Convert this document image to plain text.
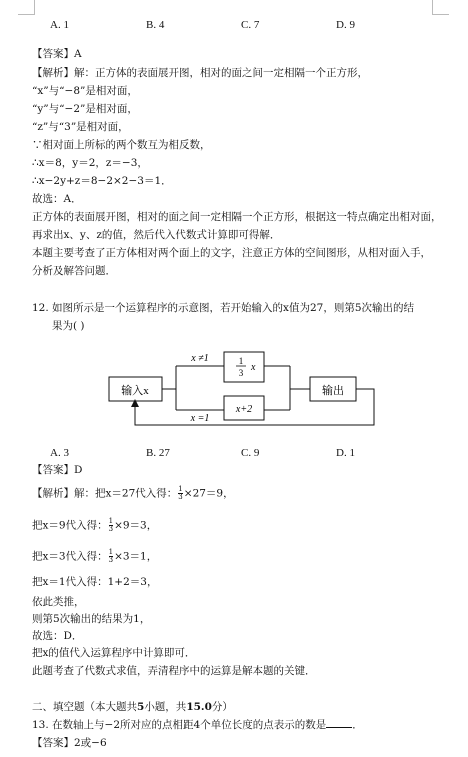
A. 1	B. 4	C. 7	D. 9
【答案】A
【解析】解：正方体的表面展开图，相对的面之间一定相隔一个正方形，
“x”与“−8”是相对面，
“y”与“−2”是相对面，
“z”与“3”是相对面，
∵相对面上所标的两个数互为相反数，
∴x＝8，y＝2，z＝−3，
∴x−2y+z＝8−2×2−3＝1．
故选：A．
正方体的表面展开图，相对的面之间一定相隔一个正方形，根据这一特点确定出相对面，
再求出x、y、z的值，然后代入代数式计算即可得解．
本题主要考查了正方体相对两个面上的文字，注意正方体的空间图形，从相对面入手，
分析及解答问题．
12. 如图所示是一个运算程序的示意图，若开始输入的x值为27，则第5次输出的结
果为( )
输入x	输出
x ≠1
x =1
1
3 x
x+2
A. 3	B. 27	C. 9	D. 1
【答案】D
【解析】解：把x＝27代入得： $\frac{1}{3} \times 27=9$，
把x＝9代入得： $\frac{1}{3} \times 9=3$，
把x＝3代入得： $\frac{1}{3} \times 3=1$，
把x＝1代入得：1+2＝3，
依此类推，
则第5次输出的结果为1，
故选：D．
把x的值代入运算程序中计算即可．
此题考查了代数式求值，弄清程序中的运算是解本题的关键．
二、填空题（本大题共5小题，共15.0分）
13. 在数轴上与−2所对应的点相距4个单位长度的点表示的数是 ．
【答案】2或−6
